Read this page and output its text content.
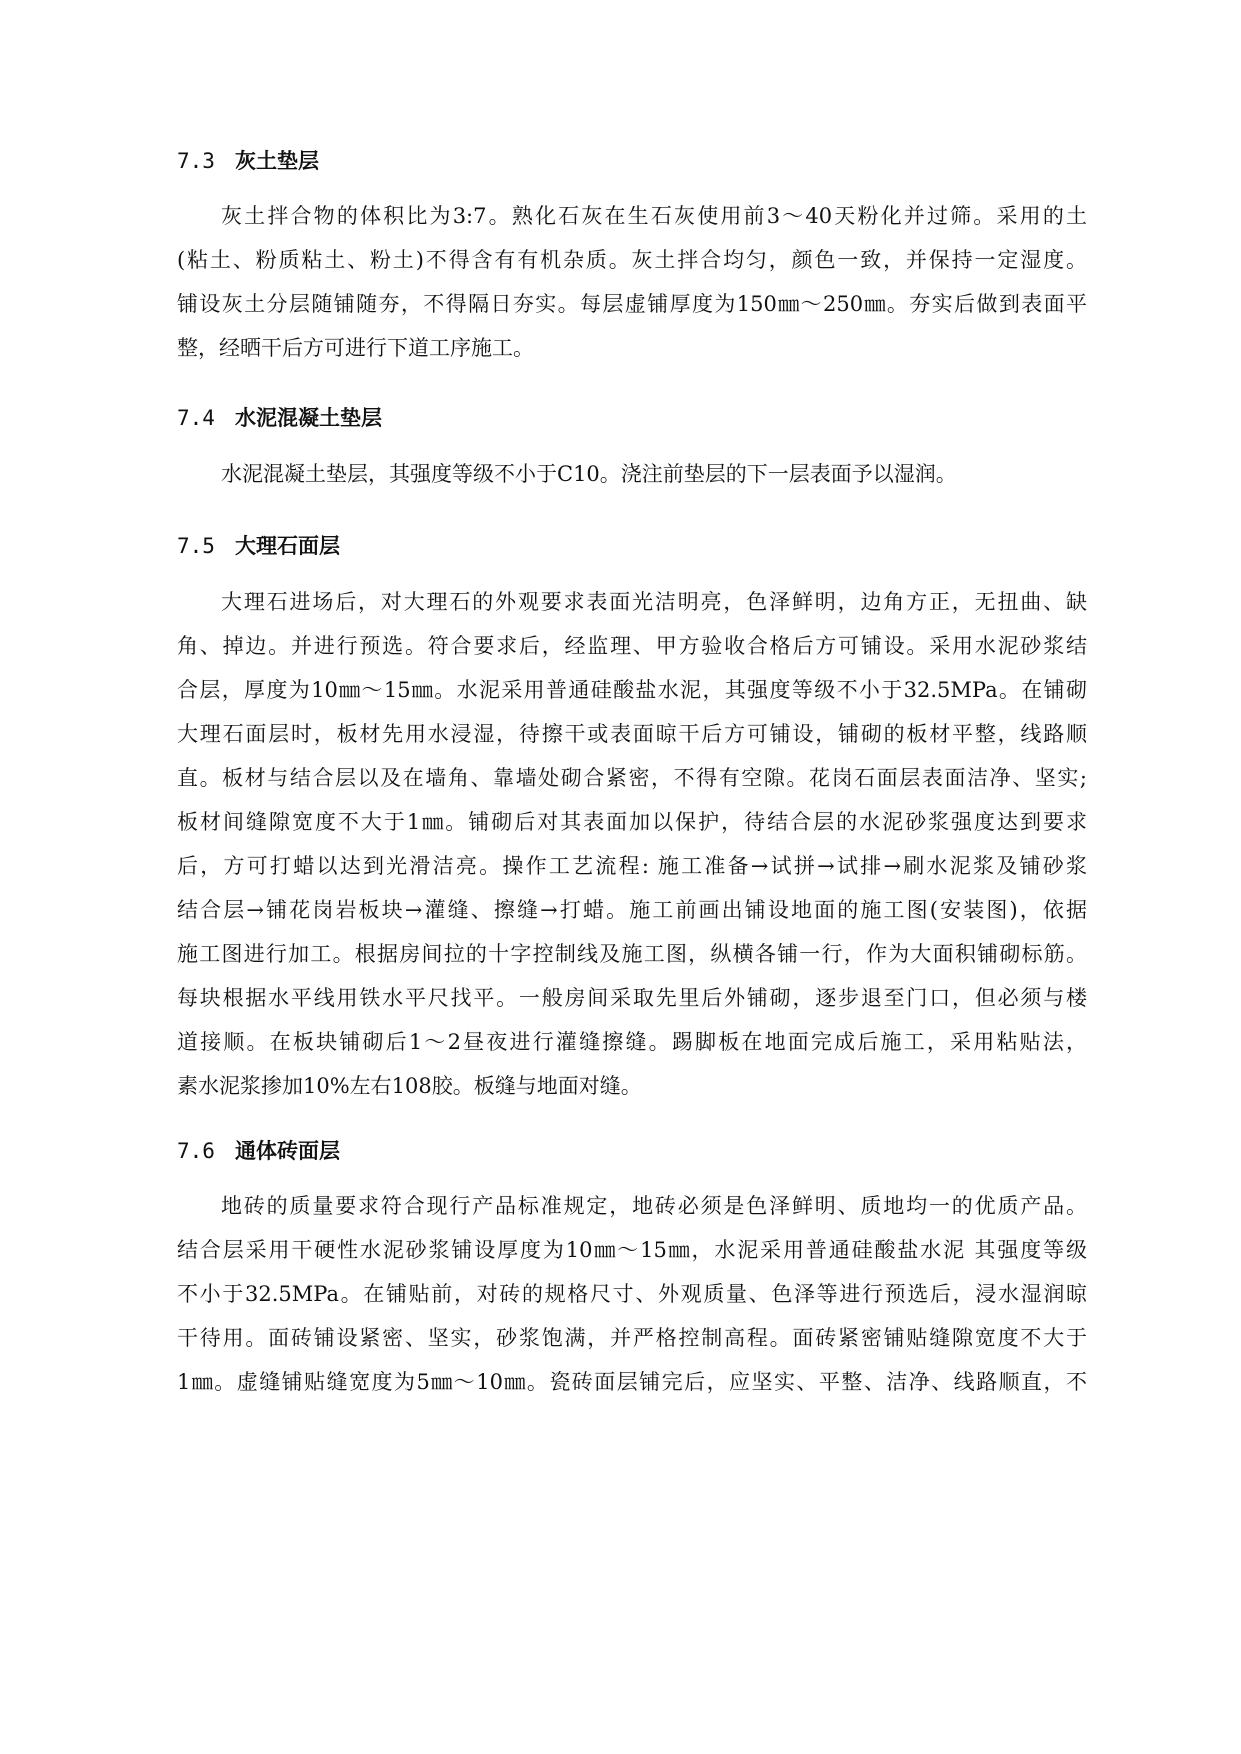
7.3 灰土垫层
灰土拌合物的体积比为3:7。熟化石灰在生石灰使用前3～40天粉化并过筛。采用的土
(粘土、粉质粘土、粉土)不得含有有机杂质。灰土拌合均匀，颜色一致，并保持一定湿度。
铺设灰土分层随铺随夯，不得隔日夯实。每层虚铺厚度为150㎜～250㎜。夯实后做到表面平
整，经晒干后方可进行下道工序施工。
7.4 水泥混凝土垫层
水泥混凝土垫层，其强度等级不小于C10。浇注前垫层的下一层表面予以湿润。
7.5 大理石面层
大理石进场后，对大理石的外观要求表面光洁明亮，色泽鲜明，边角方正，无扭曲、缺
角、掉边。并进行预选。符合要求后，经监理、甲方验收合格后方可铺设。采用水泥砂浆结
合层，厚度为10㎜～15㎜。水泥采用普通硅酸盐水泥，其强度等级不小于32.5MPa。在铺砌
大理石面层时，板材先用水浸湿，待擦干或表面晾干后方可铺设，铺砌的板材平整，线路顺
直。板材与结合层以及在墙角、靠墙处砌合紧密，不得有空隙。花岗石面层表面洁净、坚实;
板材间缝隙宽度不大于1㎜。铺砌后对其表面加以保护，待结合层的水泥砂浆强度达到要求
后，方可打蜡以达到光滑洁亮。操作工艺流程: 施工准备→试拼→试排→刷水泥浆及铺砂浆
结合层→铺花岗岩板块→灌缝、擦缝→打蜡。施工前画出铺设地面的施工图(安装图)，依据
施工图进行加工。根据房间拉的十字控制线及施工图，纵横各铺一行，作为大面积铺砌标筋。
每块根据水平线用铁水平尺找平。一般房间采取先里后外铺砌，逐步退至门口，但必须与楼
道接顺。在板块铺砌后1～2昼夜进行灌缝擦缝。踢脚板在地面完成后施工，采用粘贴法，
素水泥浆掺加10%左右108胶。板缝与地面对缝。
7.6 通体砖面层
地砖的质量要求符合现行产品标准规定，地砖必须是色泽鲜明、质地均一的优质产品。
结合层采用干硬性水泥砂浆铺设厚度为10㎜～15㎜，水泥采用普通硅酸盐水泥 其强度等级
不小于32.5MPa。在铺贴前，对砖的规格尺寸、外观质量、色泽等进行预选后，浸水湿润晾
干待用。面砖铺设紧密、坚实，砂浆饱满，并严格控制高程。面砖紧密铺贴缝隙宽度不大于
1㎜。虚缝铺贴缝宽度为5㎜～10㎜。瓷砖面层铺完后，应坚实、平整、洁净、线路顺直，不
